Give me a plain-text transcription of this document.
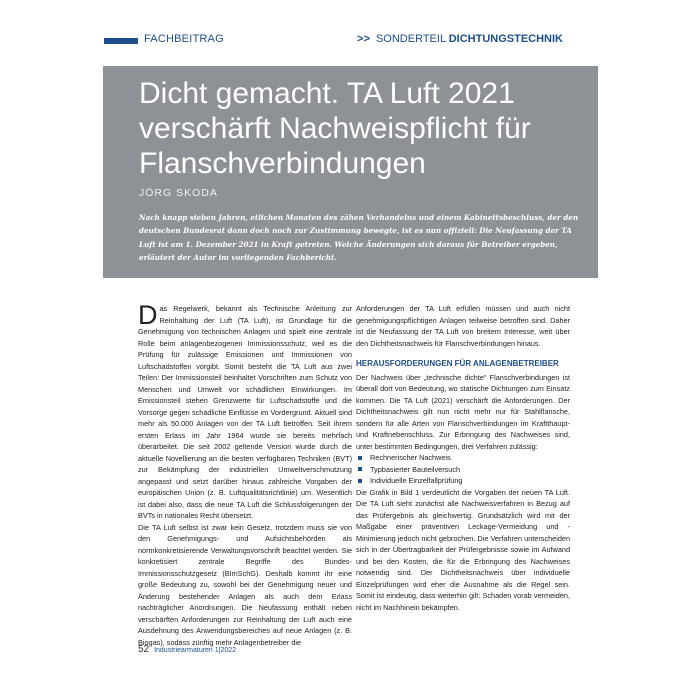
FACHBEITRAG	>> SONDERTEIL DICHTUNGSTECHNIK
Dicht gemacht. TA Luft 2021 verschärft Nachweispflicht für Flanschverbindungen
JÖRG SKODA

Nach knapp sieben Jahren, etlichen Monaten des zähen Verhandelns und einem Kabinettsbeschluss, der den deutschen Bundesrat dann doch noch zur Zustimmung bewegte, ist es nun offiziell: Die Neufassung der TA Luft ist am 1. Dezember 2021 in Kraft getreten. Welche Änderungen sich daraus für Betreiber ergeben, erläutert der Autor im vorliegenden Fachbericht.

Das Regelwerk, bekannt als Technische Anleitung zur Reinhaltung der Luft (TA Luft), ist Grundlage für die Genehmigung von technischen Anlagen und spielt eine zentrale Rolle beim anlagenbezogenen Immissionsschutz, weil es die Prüfung für zulässige Emissionen und Immissionen von Luftschadstoffen vorgibt. Somit besteht die TA Luft aus zwei Teilen: Der Immissionsteil beinhaltet Vorschriften zum Schutz von Menschen und Umwelt vor schädlichen Einwirkungen. Im Emissionsteil stehen Grenzwerte für Luftschadstoffe und die Vorsorge gegen schädliche Einflüsse im Vordergrund. Aktuell sind mehr als 50.000 Anlagen von der TA Luft betroffen. Seit ihrem ersten Erlass im Jahr 1964 wurde sie bereits mehrfach überarbeitet. Die seit 2002 geltende Version wurde durch die aktuelle Novellierung an die besten verfügbaren Techniken (BVT) zur Bekämpfung der industriellen Umweltverschmutzung angepasst und setzt darüber hinaus zahlreiche Vorgaben der europäischen Union (z. B. Luftqualitätsrichtlinie) um. Wesentlich ist dabei also, dass die neue TA Luft die Schlussfolgerungen der BVTs in nationales Recht übersetzt.

Die TA Luft selbst ist zwar kein Gesetz, trotzdem muss sie von den Genehmigungs- und Aufsichtsbehörden als normkonkretisierende Verwaltungsvorschrift beachtet werden. Sie konkretisiert zentrale Begriffe des Bundes-Immissionsschutzgesetz (BImSchG). Deshalb kommt ihr eine große Bedeutung zu, sowohl bei der Genehmigung neuer und Änderung bestehender Anlagen als auch dem Erlass nachträglicher Anordnungen. Die Neufassung enthält neben verschärften Anforderungen zur Reinhaltung der Luft auch eine Ausdehnung des Anwendungsbereiches auf neue Anlagen (z. B. Biogas), sodass zünftig mehr Anlagenbetreiber die

Anforderungen der TA Luft erfüllen müssen und auch nicht genehmigungspflichtigen Anlagen teilweise betroffen sind. Daher ist die Neufassung der TA Luft von breitem Interesse, weit über den Dichtheitsnachweis für Flanschverbindungen hinaus.

HERAUSFORDERUNGEN FÜR ANLAGENBETREIBER

Der Nachweis über „technische dichte“ Flanschverbindungen ist überall dort von Bedeutung, wo statische Dichtungen zum Einsatz kommen. Die TA Luft (2021) verschärft die Anforderungen. Der Dichtheitsnachweis gilt nun nicht mehr nur für Stahlflansche, sondern für alle Arten von Flanschverbindungen im Kraftthaupt- und Kraftnebenschluss. Zur Erbringung des Nachweises sind, unter bestimmten Bedingungen, drei Verfahren zulässig:

Rechnerischer Nachweis
Typbasierter Bauteilversuch
Individuelle Einzelfallprüfung

Die Grafik in Bild 1 verdeutlicht die Vorgaben der neuen TA Luft. Die TA Luft sieht zunächst alle Nachweisverfahren in Bezug auf das Prüfergebnis als gleichwertig. Grundsätzlich wird mit der Maßgabe einer präventiven Leckage-Vermeidung und -Minimierung jedoch nicht gebrochen. Die Verfahren unterscheiden sich in der Übertragbarkeit der Prüfergebnisse sowie im Aufwand und bei den Kosten, die für die Erbringung des Nachweises notwendig sind. Der Dichtheitsnachweis über individuelle Einzelprüfungen wird eher die Ausnahme als die Regel sein. Somit ist eindeutig, dass weiterhin gilt: Schaden vorab vermeiden, nicht im Nachhinein bekämpfen.

52 Industriearmaturen 1|2022
